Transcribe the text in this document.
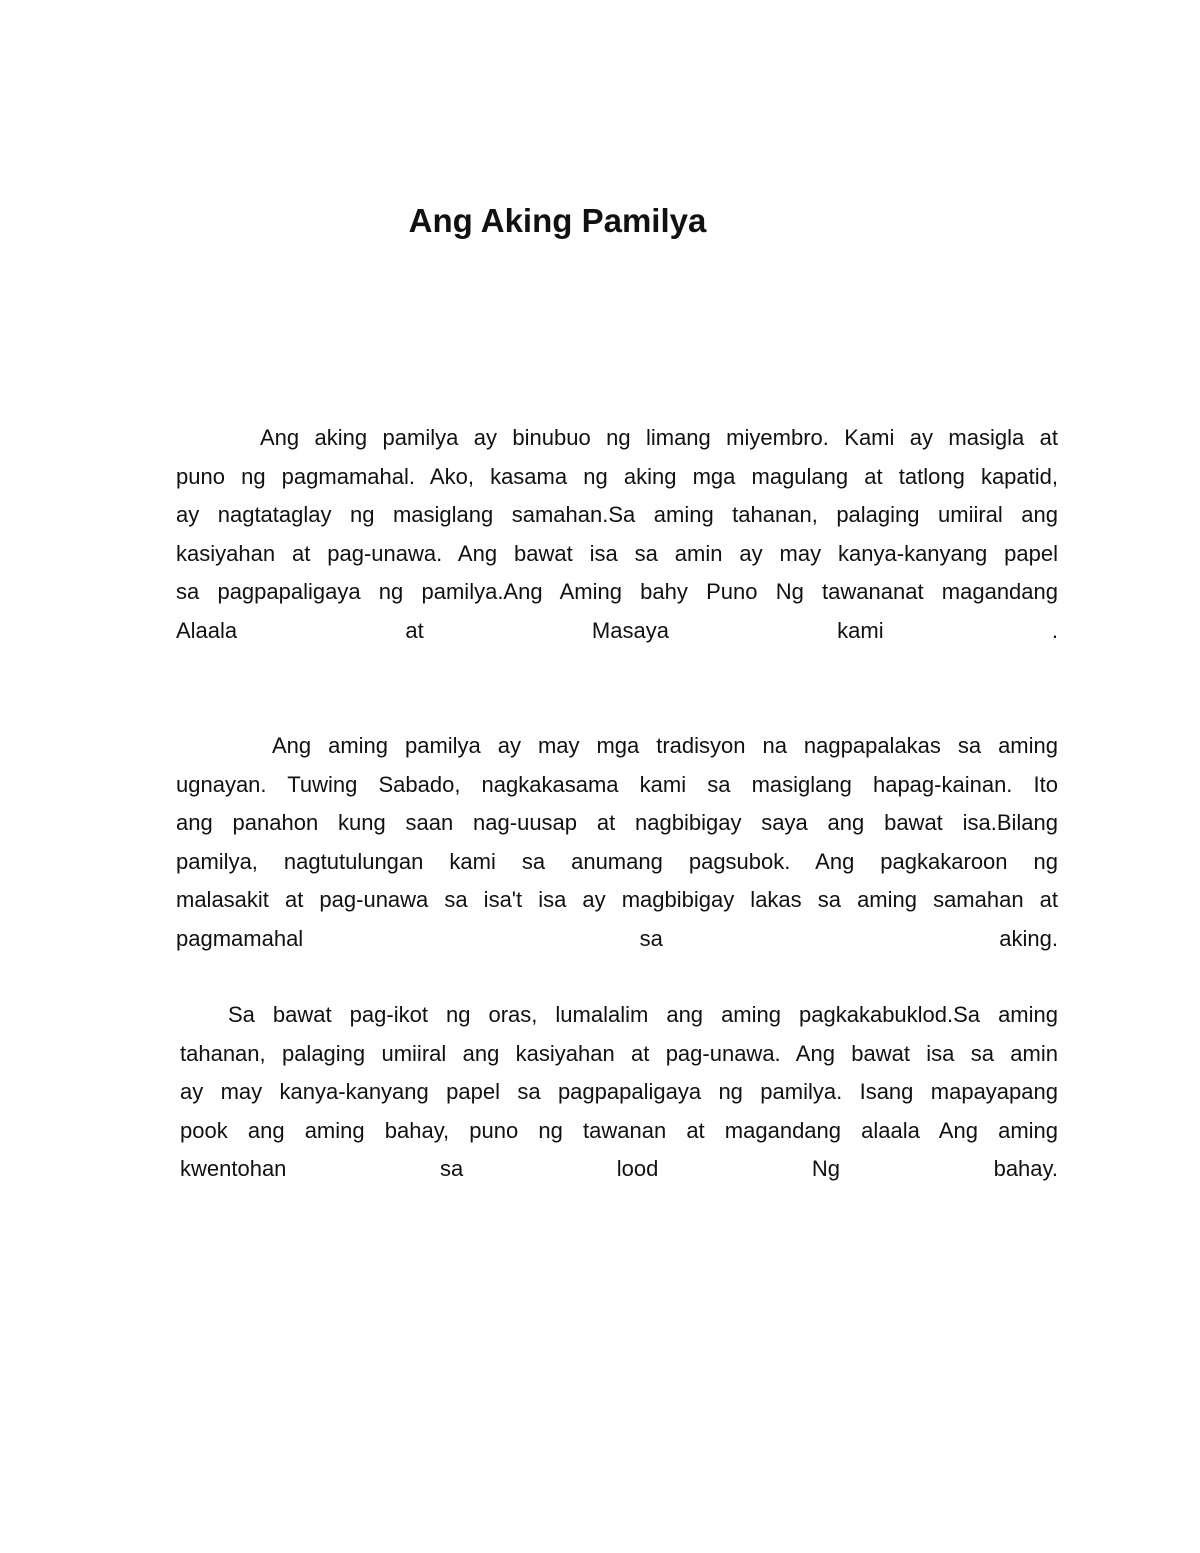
Ang Aking Pamilya
Ang aking pamilya ay binubuo ng limang miyembro. Kami ay masigla at
puno ng pagmamahal. Ako, kasama ng aking mga magulang at tatlong kapatid,
ay nagtataglay ng masiglang samahan.Sa aming tahanan, palaging umiiral ang
kasiyahan at pag-unawa. Ang bawat isa sa amin ay may kanya-kanyang papel
sa pagpapaligaya ng pamilya.Ang Aming bahy Puno Ng tawananat magandang
Alaala	at	Masaya	kami	.
Ang aming pamilya ay may mga tradisyon na nagpapalakas sa aming
ugnayan. Tuwing Sabado, nagkakasama kami sa masiglang hapag-kainan. Ito
ang panahon kung saan nag-uusap at nagbibigay saya ang bawat isa.Bilang
pamilya, nagtutulungan kami sa anumang pagsubok. Ang pagkakaroon ng
malasakit at pag-unawa sa isa't isa ay magbibigay lakas sa aming samahan at
pagmamahal	sa	aking.
Sa bawat pag-ikot ng oras, lumalalim ang aming pagkakabuklod.Sa aming
tahanan, palaging umiiral ang kasiyahan at pag-unawa. Ang bawat isa sa amin
ay may kanya-kanyang papel sa pagpapaligaya ng pamilya. Isang mapayapang
pook ang aming bahay, puno ng tawanan at magandang alaala Ang aming
kwentohan	sa	lood	Ng	bahay.
